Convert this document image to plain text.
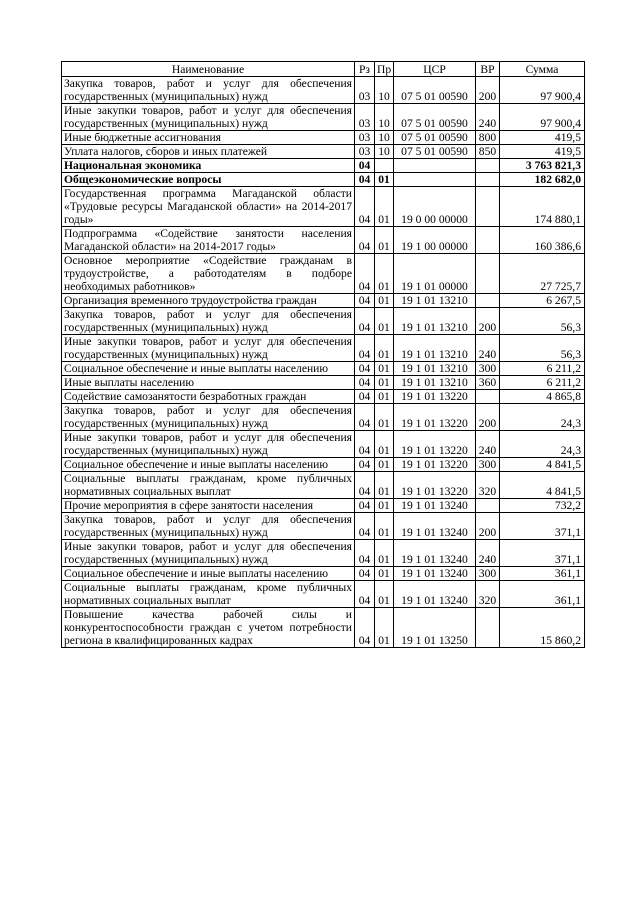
Наименование	Рз	Пр	ЦСР	ВР	Сумма
Закупка товаров, работ и услуг для обеспечения государственных (муниципальных) нужд	03	10	07 5 01 00590	200	97 900,4
Иные закупки товаров, работ и услуг для обеспечения государственных (муниципальных) нужд	03	10	07 5 01 00590	240	97 900,4
Иные бюджетные ассигнования	03	10	07 5 01 00590	800	419,5
Уплата налогов, сборов и иных платежей	03	10	07 5 01 00590	850	419,5
Национальная экономика	04				3 763 821,3
Общеэкономические вопросы	04	01			182 682,0
Государственная программа Магаданской области «Трудовые ресурсы Магаданской области» на 2014-2017 годы»	04	01	19 0 00 00000		174 880,1
Подпрограмма «Содействие занятости населения Магаданской области» на 2014-2017 годы»	04	01	19 1 00 00000		160 386,6
Основное мероприятие «Содействие гражданам в трудоустройстве, а работодателям в подборе необходимых работников»	04	01	19 1 01 00000		27 725,7
Организация временного трудоустройства граждан	04	01	19 1 01 13210		6 267,5
Закупка товаров, работ и услуг для обеспечения государственных (муниципальных) нужд	04	01	19 1 01 13210	200	56,3
Иные закупки товаров, работ и услуг для обеспечения государственных (муниципальных) нужд	04	01	19 1 01 13210	240	56,3
Социальное обеспечение и иные выплаты населению	04	01	19 1 01 13210	300	6 211,2
Иные выплаты населению	04	01	19 1 01 13210	360	6 211,2
Содействие самозанятости безработных граждан	04	01	19 1 01 13220		4 865,8
Закупка товаров, работ и услуг для обеспечения государственных (муниципальных) нужд	04	01	19 1 01 13220	200	24,3
Иные закупки товаров, работ и услуг для обеспечения государственных (муниципальных) нужд	04	01	19 1 01 13220	240	24,3
Социальное обеспечение и иные выплаты населению	04	01	19 1 01 13220	300	4 841,5
Социальные выплаты гражданам, кроме публичных нормативных социальных выплат	04	01	19 1 01 13220	320	4 841,5
Прочие мероприятия в сфере занятости населения	04	01	19 1 01 13240		732,2
Закупка товаров, работ и услуг для обеспечения государственных (муниципальных) нужд	04	01	19 1 01 13240	200	371,1
Иные закупки товаров, работ и услуг для обеспечения государственных (муниципальных) нужд	04	01	19 1 01 13240	240	371,1
Социальное обеспечение и иные выплаты населению	04	01	19 1 01 13240	300	361,1
Социальные выплаты гражданам, кроме публичных нормативных социальных выплат	04	01	19 1 01 13240	320	361,1
Повышение качества рабочей силы и конкурентоспособности граждан с учетом потребности региона в квалифицированных кадрах	04	01	19 1 01 13250		15 860,2
